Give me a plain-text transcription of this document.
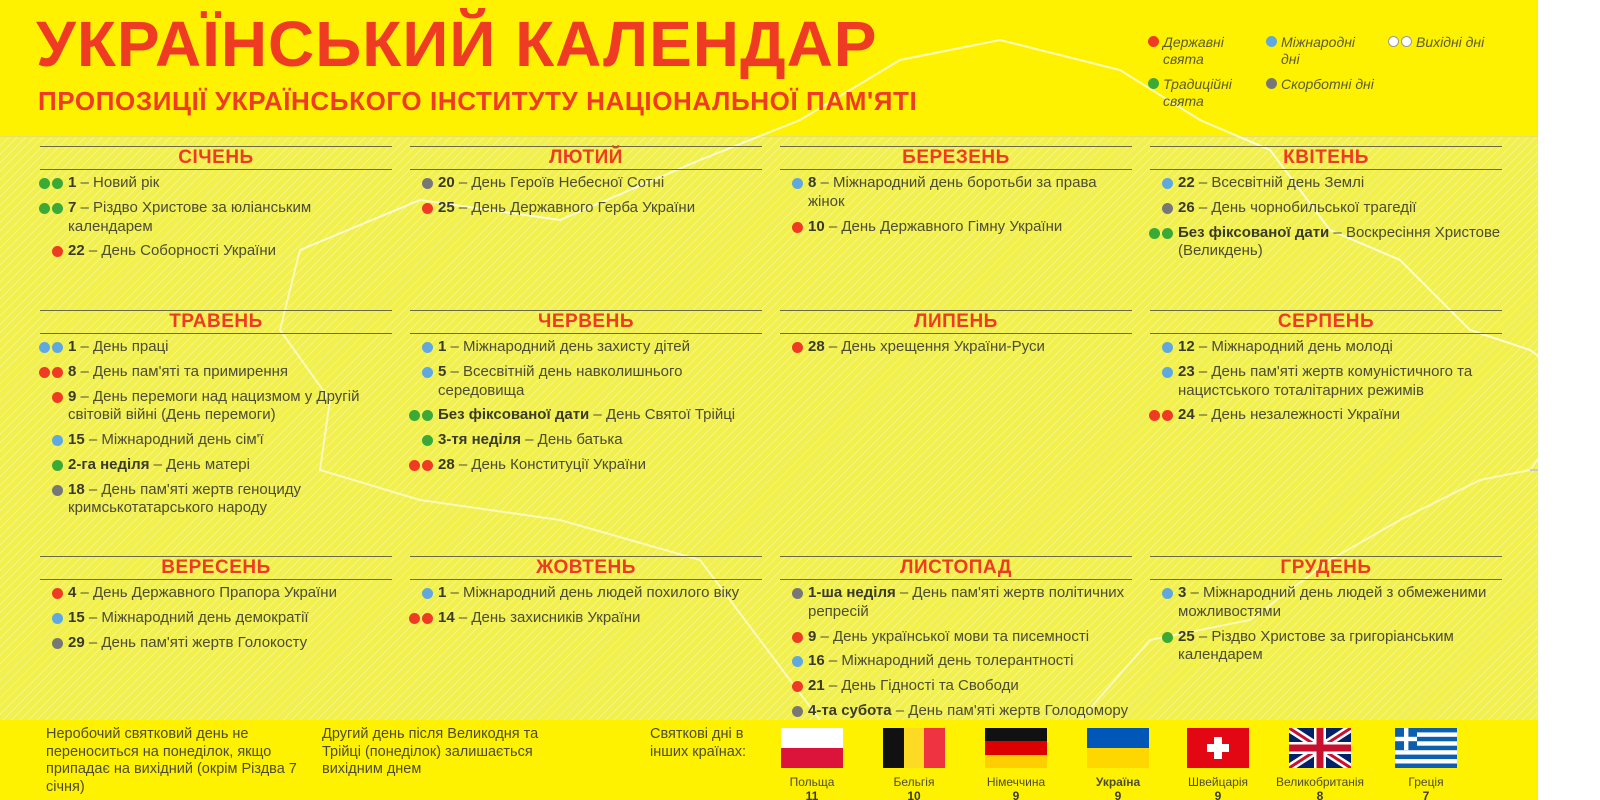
УКРАЇНСЬКИЙ КАЛЕНДАР
ПРОПОЗИЦІЇ УКРАЇНСЬКОГО ІНСТИТУТУ НАЦІОНАЛЬНОЇ ПАМ'ЯТІ
Державні свята
Міжнародні дні
Вихідні дні
Традиційні свята
Скорботні дні
СІЧЕНЬ
1 – Новий рік
7 – Різдво Христове за юліанським календарем
22 – День Соборності України
ЛЮТИЙ
20 – День Героїв Небесної Сотні
25 – День Державного Герба України
БЕРЕЗЕНЬ
8 – Міжнародний день боротьби за права жінок
10 – День Державного Гімну України
КВІТЕНЬ
22 – Всесвітній день Землі
26 – День чорнобильської трагедії
Без фіксованої дати – Воскресіння Христове (Великдень)
ТРАВЕНЬ
1 – День праці
8 – День пам'яті та примирення
9 – День перемоги над нацизмом у Другій світовій війні (День перемоги)
15 – Міжнародний день сім'ї
2-га неділя – День матері
18 – День пам'яті жертв геноциду кримськотатарського народу
ЧЕРВЕНЬ
1 – Міжнародний день захисту дітей
5 – Всесвітній день навколишнього середовища
Без фіксованої дати – День Святої Трійці
3-тя неділя – День батька
28 – День Конституції України
ЛИПЕНЬ
28 – День хрещення України-Руси
СЕРПЕНЬ
12 – Міжнародний день молоді
23 – День пам'яті жертв комуністичного та нацистського тоталітарних режимів
24 – День незалежності України
ВЕРЕСЕНЬ
4 – День Державного Прапора України
15 – Міжнародний день демократії
29 – День пам'яті жертв Голокосту
ЖОВТЕНЬ
1 – Міжнародний день людей похилого віку
14 – День захисників України
ЛИСТОПАД
1-ша неділя – День пам'яті жертв політичних репресій
9 – День української мови та писемності
16 – Міжнародний день толерантності
21 – День Гідності та Свободи
4-та субота – День пам'яті жертв Голодомору
ГРУДЕНЬ
3 – Міжнародний день людей з обмеженими можливостями
25 – Різдво Христове за григоріанським календарем
Неробочий святковий день не переноситься на понеділок, якщо припадає на вихідний (окрім Різдва 7 січня)
Другий день після Великодня та Трійці (понеділок) залишається вихідним днем
Святкові дні в інших країнах:
Польща
11
Бельгія
10
Німеччина
9
Україна
9
Швейцарія
9
Великобританія
8
Греція
7
